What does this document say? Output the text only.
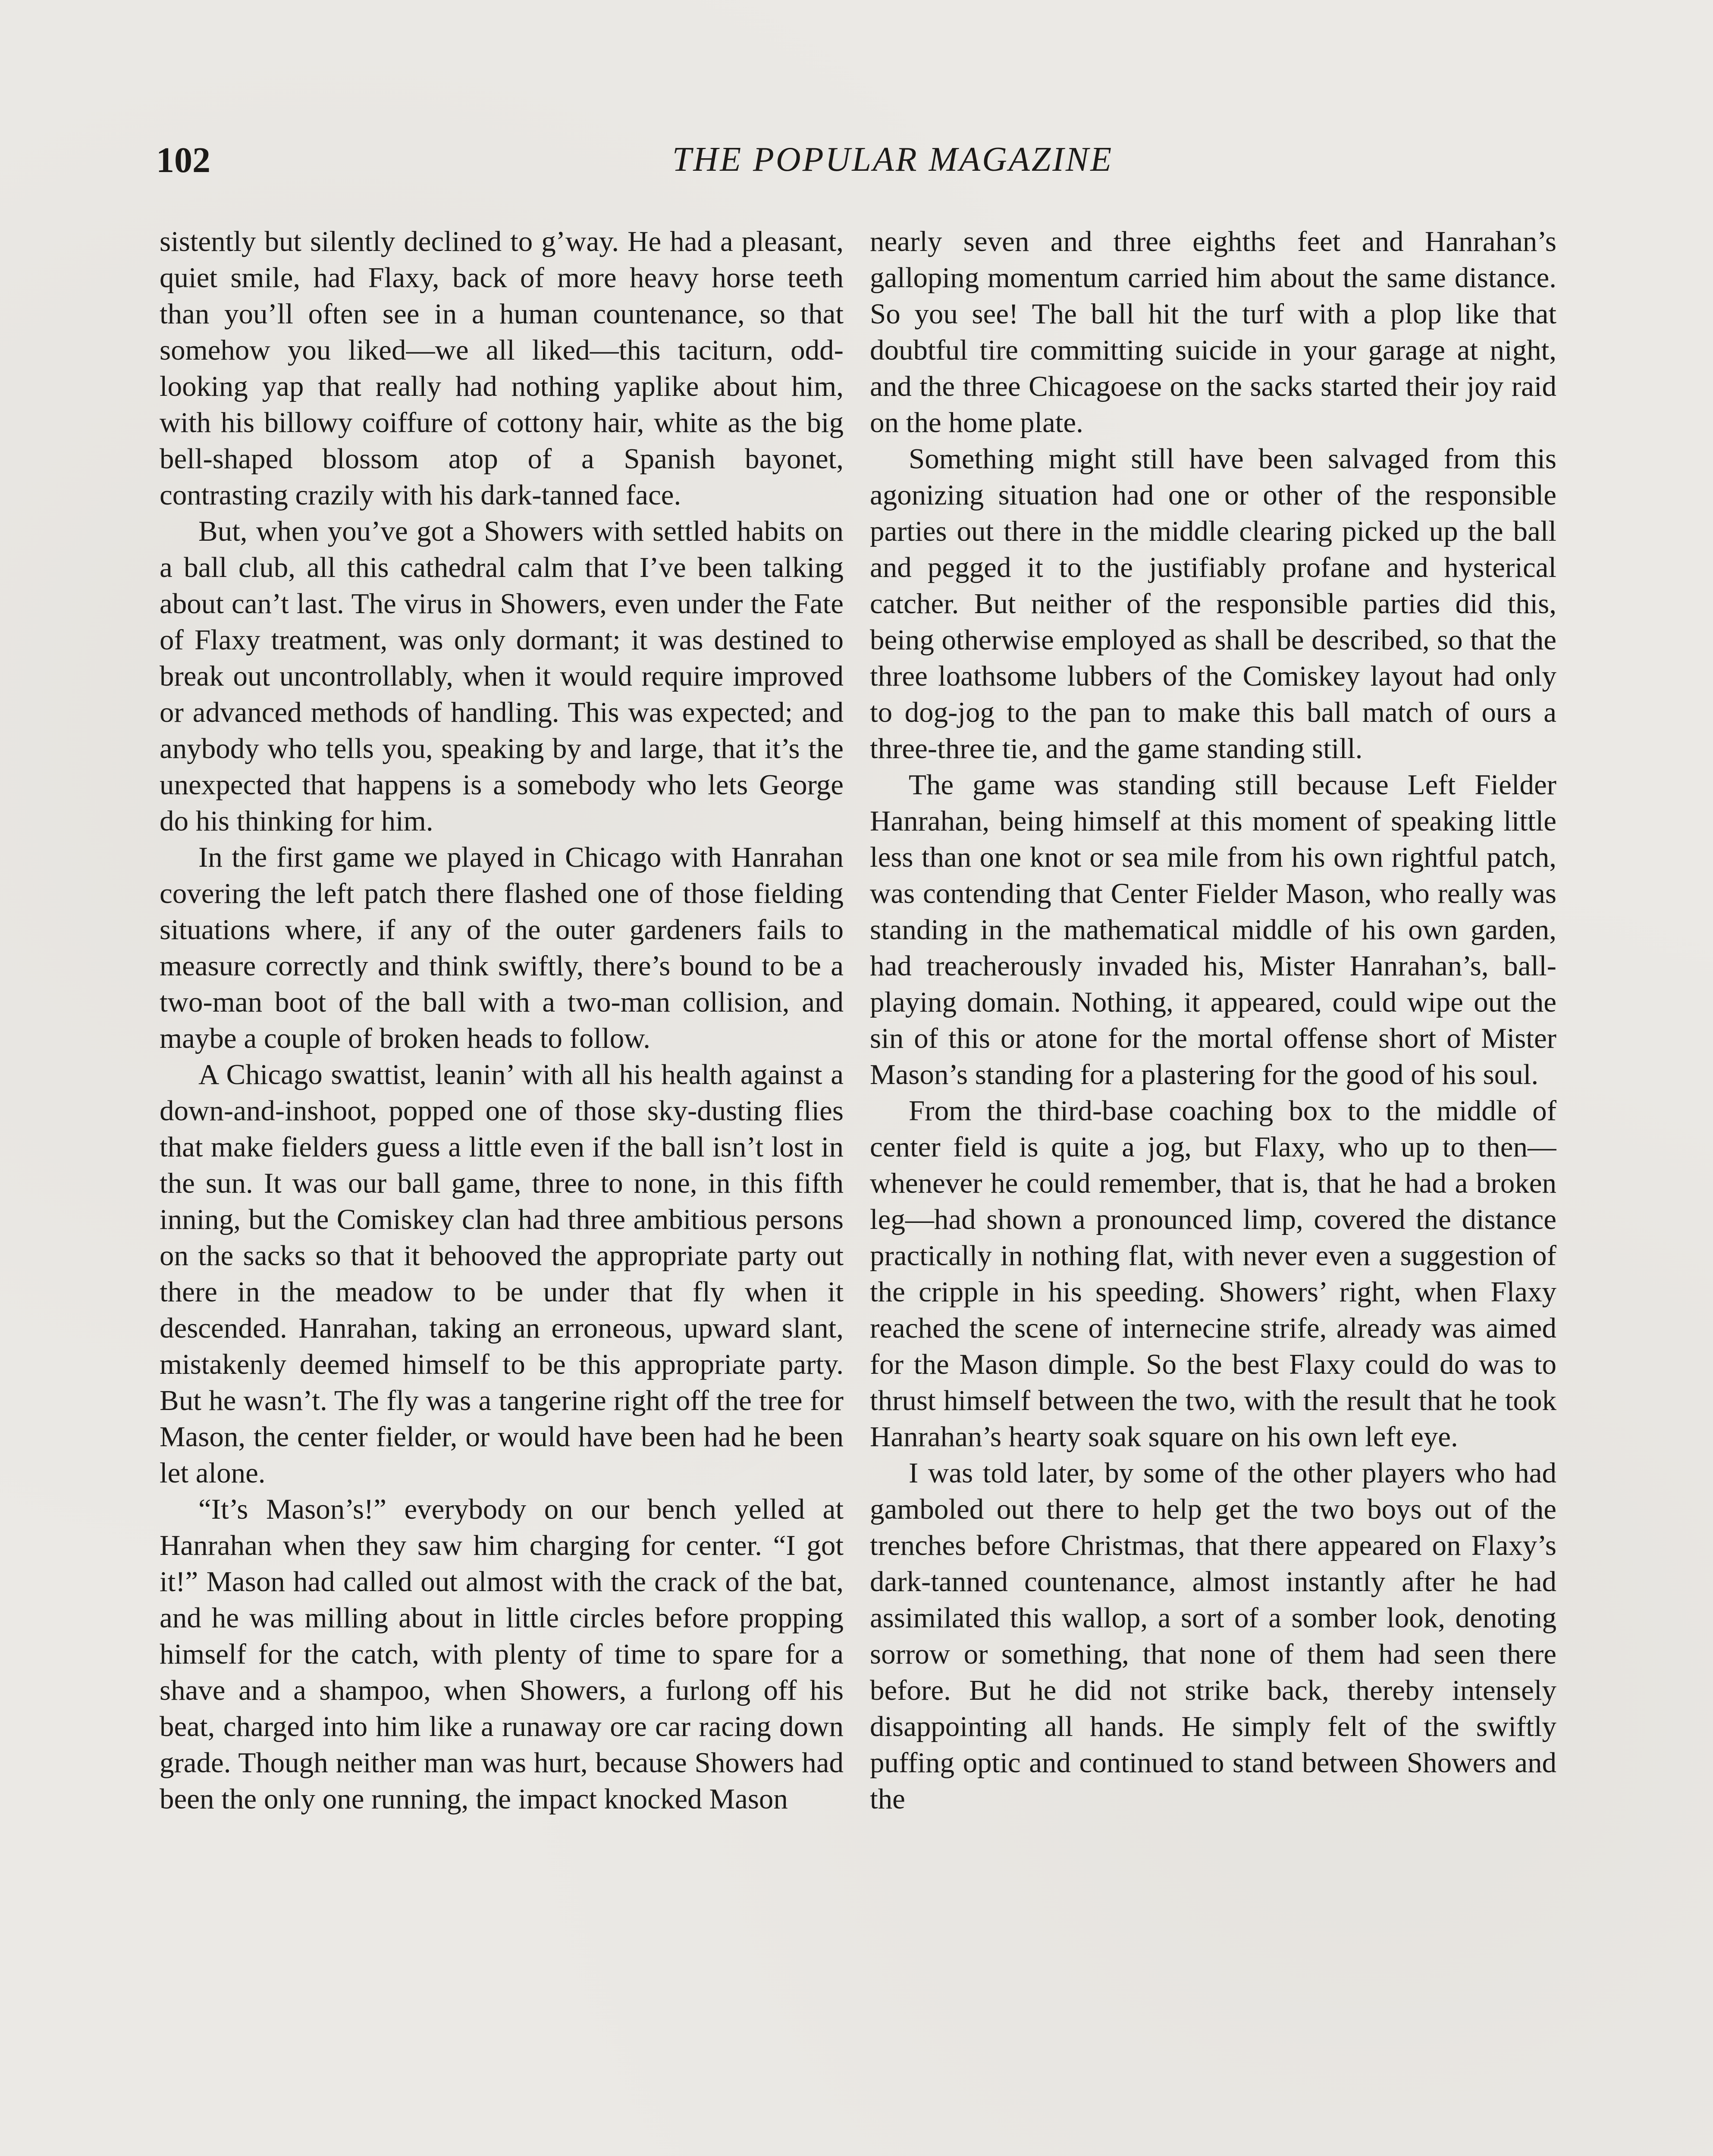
102	THE POPULAR MAGAZINE

sistently but silently declined to g’way. He had a pleasant, quiet smile, had Flaxy, back of more heavy horse teeth than you’ll often see in a human countenance, so that somehow you liked—we all liked—this taciturn, odd-looking yap that really had nothing yaplike about him, with his billowy coiffure of cottony hair, white as the big bell-shaped blossom atop of a Spanish bayonet, contrasting crazily with his dark-tanned face.

But, when you’ve got a Showers with settled habits on a ball club, all this cathedral calm that I’ve been talking about can’t last. The virus in Showers, even under the Fate of Flaxy treatment, was only dormant; it was destined to break out uncontrollably, when it would require improved or advanced methods of handling. This was expected; and anybody who tells you, speaking by and large, that it’s the unexpected that happens is a somebody who lets George do his thinking for him.

In the first game we played in Chicago with Hanrahan covering the left patch there flashed one of those fielding situations where, if any of the outer gardeners fails to measure correctly and think swiftly, there’s bound to be a two-man boot of the ball with a two-man collision, and maybe a couple of broken heads to follow.

A Chicago swattist, leanin’ with all his health against a down-and-inshoot, popped one of those sky-dusting flies that make fielders guess a little even if the ball isn’t lost in the sun. It was our ball game, three to none, in this fifth inning, but the Comiskey clan had three ambitious persons on the sacks so that it behooved the appropriate party out there in the meadow to be under that fly when it descended. Hanrahan, taking an erroneous, upward slant, mistakenly deemed himself to be this appropriate party. But he wasn’t. The fly was a tangerine right off the tree for Mason, the center fielder, or would have been had he been let alone.

“It’s Mason’s!” everybody on our bench yelled at Hanrahan when they saw him charging for center. “I got it!” Mason had called out almost with the crack of the bat, and he was milling about in little circles before propping himself for the catch, with plenty of time to spare for a shave and a shampoo, when Showers, a furlong off his beat, charged into him like a runaway ore car racing down grade. Though neither man was hurt, because Showers had been the only one running, the impact knocked Mason

nearly seven and three eighths feet and Hanrahan’s galloping momentum carried him about the same distance. So you see! The ball hit the turf with a plop like that doubtful tire committing suicide in your garage at night, and the three Chicagoese on the sacks started their joy raid on the home plate.

Something might still have been salvaged from this agonizing situation had one or other of the responsible parties out there in the middle clearing picked up the ball and pegged it to the justifiably profane and hysterical catcher. But neither of the responsible parties did this, being otherwise employed as shall be described, so that the three loathsome lubbers of the Comiskey layout had only to dog-jog to the pan to make this ball match of ours a three-three tie, and the game standing still.

The game was standing still because Left Fielder Hanrahan, being himself at this moment of speaking little less than one knot or sea mile from his own rightful patch, was contending that Center Fielder Mason, who really was standing in the mathematical middle of his own garden, had treacherously invaded his, Mister Hanrahan’s, ball-playing domain. Nothing, it appeared, could wipe out the sin of this or atone for the mortal offense short of Mister Mason’s standing for a plastering for the good of his soul.

From the third-base coaching box to the middle of center field is quite a jog, but Flaxy, who up to then—whenever he could remember, that is, that he had a broken leg—had shown a pronounced limp, covered the distance practically in nothing flat, with never even a suggestion of the cripple in his speeding. Showers’ right, when Flaxy reached the scene of internecine strife, already was aimed for the Mason dimple. So the best Flaxy could do was to thrust himself between the two, with the result that he took Hanrahan’s hearty soak square on his own left eye.

I was told later, by some of the other players who had gamboled out there to help get the two boys out of the trenches before Christmas, that there appeared on Flaxy’s dark-tanned countenance, almost instantly after he had assimilated this wallop, a sort of a somber look, denoting sorrow or something, that none of them had seen there before. But he did not strike back, thereby intensely disappointing all hands. He simply felt of the swiftly puffing optic and continued to stand between Showers and the
